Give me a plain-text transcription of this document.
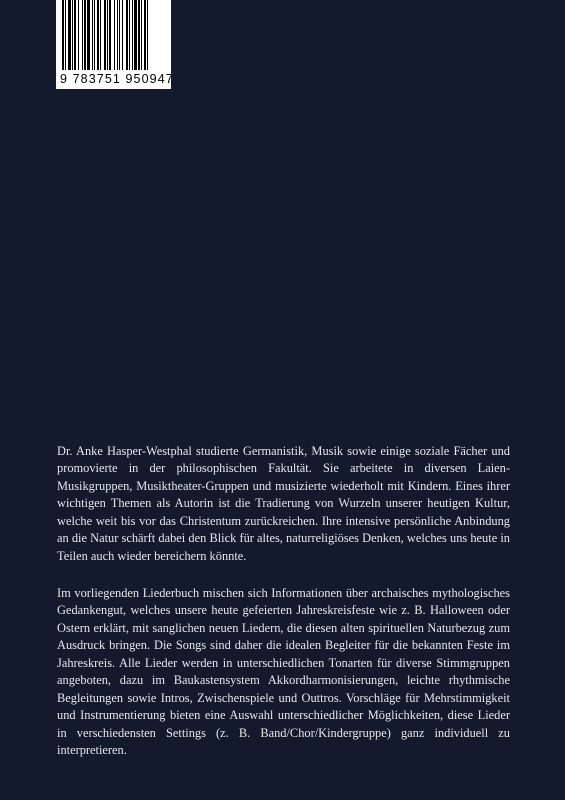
9 783751 950947
Dr. Anke Hasper-Westphal studierte Germanistik, Musik sowie einige soziale Fächer und promovierte in der philosophischen Fakultät. Sie arbeitete in diversen Laien-Musikgruppen, Musiktheater-Gruppen und musizierte wiederholt mit Kindern. Eines ihrer wichtigen Themen als Autorin ist die Tradierung von Wurzeln unserer heutigen Kultur, welche weit bis vor das Christentum zurückreichen. Ihre intensive persönliche Anbindung an die Natur schärft dabei den Blick für altes, naturreligiöses Denken, welches uns heute in Teilen auch wieder bereichern könnte.
Im vorliegenden Liederbuch mischen sich Informationen über archaisches mythologisches Gedankengut, welches unsere heute gefeierten Jahreskreisfeste wie z. B. Halloween oder Ostern erklärt, mit sanglichen neuen Liedern, die diesen alten spirituellen Naturbezug zum Ausdruck bringen. Die Songs sind daher die idealen Begleiter für die bekannten Feste im Jahreskreis. Alle Lieder werden in unterschiedlichen Tonarten für diverse Stimmgruppen angeboten, dazu im Baukastensystem Akkordharmonisierungen, leichte rhythmische Begleitungen sowie Intros, Zwischenspiele und Outtros. Vorschläge für Mehrstimmigkeit und Instrumentierung bieten eine Auswahl unterschiedlicher Möglichkeiten, diese Lieder in verschiedensten Settings (z. B. Band/Chor/Kindergruppe) ganz individuell zu interpretieren.
